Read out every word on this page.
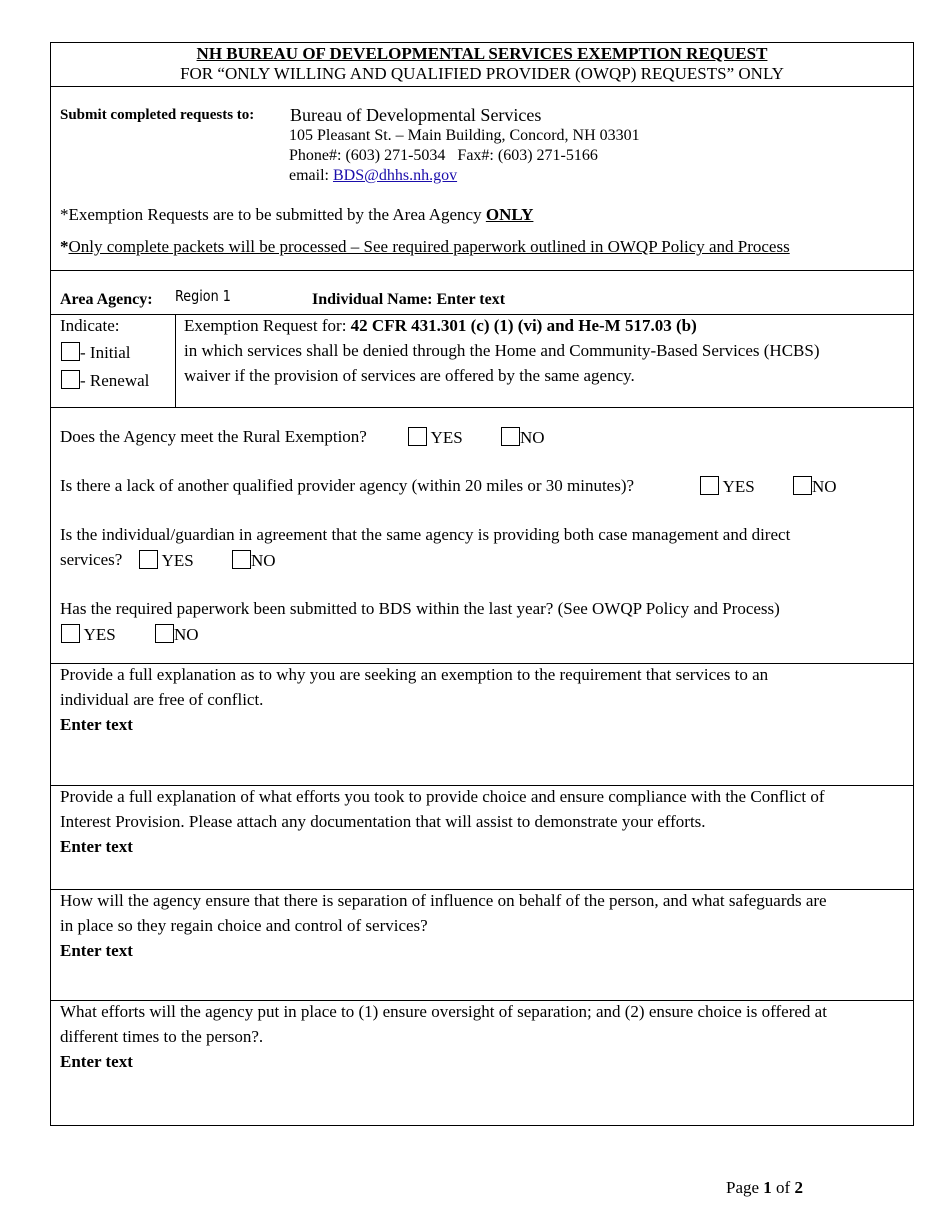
NH BUREAU OF DEVELOPMENTAL SERVICES EXEMPTION REQUEST
FOR “ONLY WILLING AND QUALIFIED PROVIDER (OWQP) REQUESTS” ONLY
Submit completed requests to: Bureau of Developmental Services
105 Pleasant St. – Main Building, Concord, NH 03301
Phone#: (603) 271-5034   Fax#: (603) 271-5166
email: BDS@dhhs.nh.gov
*Exemption Requests are to be submitted by the Area Agency ONLY
*Only complete packets will be processed – See required paperwork outlined in OWQP Policy and Process
Area Agency: Region 1	Individual Name: Enter text
Indicate:
- Initial
- Renewal
Exemption Request for: 42 CFR 431.301 (c) (1) (vi) and He-M 517.03 (b)
in which services shall be denied through the Home and Community-Based Services (HCBS)
waiver if the provision of services are offered by the same agency.
Does the Agency meet the Rural Exemption?	YES	NO
Is there a lack of another qualified provider agency (within 20 miles or 30 minutes)?	YES	NO
Is the individual/guardian in agreement that the same agency is providing both case management and direct
services?	YES	NO
Has the required paperwork been submitted to BDS within the last year? (See OWQP Policy and Process)
YES	NO
Provide a full explanation as to why you are seeking an exemption to the requirement that services to an
individual are free of conflict.
Enter text
Provide a full explanation of what efforts you took to provide choice and ensure compliance with the Conflict of
Interest Provision. Please attach any documentation that will assist to demonstrate your efforts.
Enter text
How will the agency ensure that there is separation of influence on behalf of the person, and what safeguards are
in place so they regain choice and control of services?
Enter text
What efforts will the agency put in place to (1) ensure oversight of separation; and (2) ensure choice is offered at
different times to the person?.
Enter text
Page 1 of 2
